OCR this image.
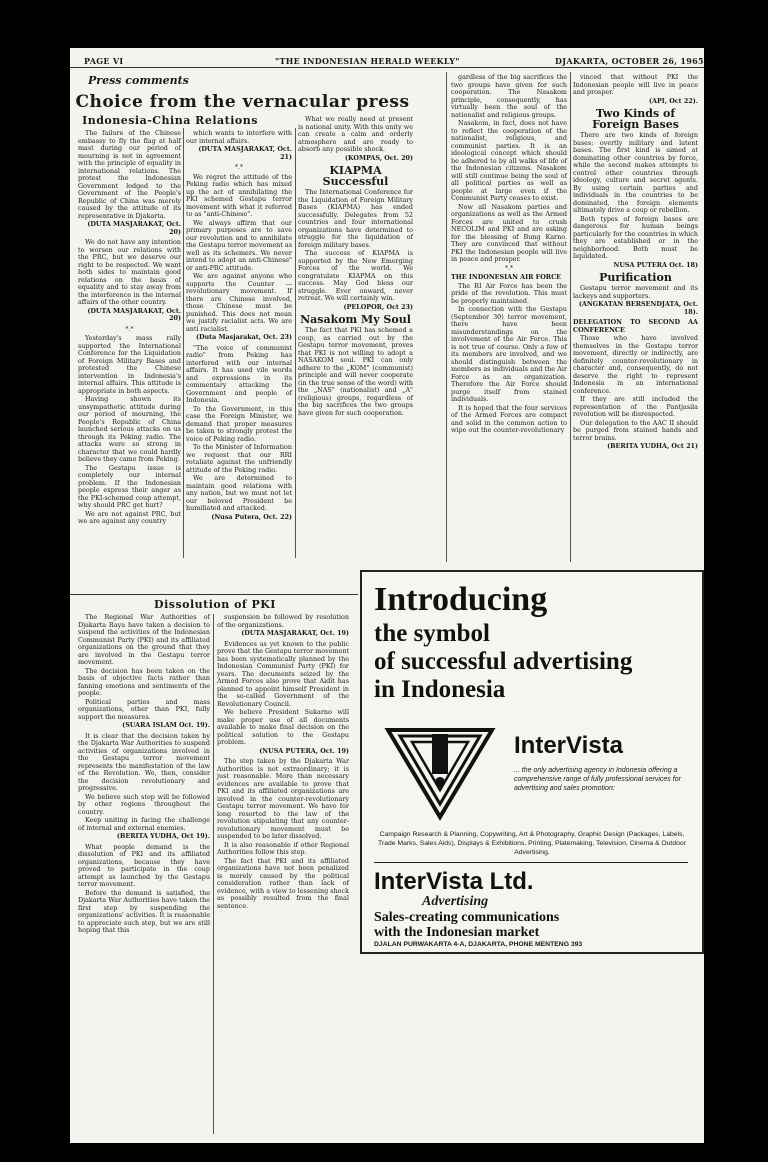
PAGE VI	"THE INDONESIAN HERALD WEEKLY"	DJAKARTA, OCTOBER 26, 1965
Press comments
Choice from the vernacular press
Indonesia-China Relations

The failure of the Chinese embassy to fly the flag at half mast during our period of mourning is not in agreement with the principle of equality in international relations. The protest the Indonesian Government lodged to the Government of the People's Republic of China was merely caused by the attitude of its representative in Djakarta.

(DUTA MASJARAKAT, Oct. 20)

We do not have any intention to worsen our relations with the PRC, but we deserve our right to be respected. We want both sides to maintain good relations on the basis of equality and to stay away from the interference in the internal affairs of the other country.

(DUTA MASJARAKAT, Oct. 20)

*.*

Yesterday's mass rally supported the International Conference for the Liquidation of Foreign Military Bases and protested the Chinese intervention in Indonesia's internal affairs. This attitude is appropriate in both aspects.

Having shown its unsympathetic attitude during our period of mourning, the People's Republic of China launched serious attacks on us through its Peking radio. The attacks were so strong in character that we could hardly believe they came from Peking.

The Gestapu issue is completely our internal problem. If the Indonesian people express their anger as the PKI-schemed coup attempt, why should PRC get hurt?

We are not against PRC, but we are against any country

which wants to interfere with our internal affairs.

(DUTA MASJARAKAT, Oct. 21)

*.*

We regret the attitude of the Peking radio which has mixed up the act of annihilating the PKI schemed Gestapu terror movement with what it referred to as "anti-Chinese".

We always affirm that our primary purposes are to save our revolution and to annihilate the Gestapu terror movement as well as its schemers. We never intend to adopt an anti-Chinese" or anti-PRC attitude.

We are against anyone who supports the Counter — revolutionary movement. If there are Chinese involved, those Chinese must be punished. This does not mean we justify racialist acts. We are anti racialist.

(Duta Masjarakat, Oct. 23)

"The voice of communist radio" from Peking has interfered with our internal affairs. It has used vile words and expressions in its commentary attacking the Government and people of Indonesia.

To the Government, in this case the Foreign Minister, we demand that proper measures be taken to strongly protest the voice of Peking radio.

To the Minister of Information we request that our RRI retaliate against the unfriendly attitude of the Peking radio.

We are determined to maintain good relations with any nation, but we must not let our beloved President be humiliated and attacked.

(Nusa Putera, Oct. 22)

What we really need at present is national unity. With this unity we can create a calm and orderly atmosphere and are ready to absorb any possible shock.

(KOMPAS, Oct. 20)

KIAPMA Successful

The International Conference for the Liquidation of Foreign Military Bases (KIAPMA) has ended successfully. Delegates from 52 countries and four international organizations have determined to struggle for the liquidation of foreign military bases.

The success of KIAPMA is supported by the New Emerging Forces of the world. We congratulate KIAPMA on this success. May God bless our struggle. Ever onward, never retreat. We will certainly win.

(PELOPOR, Oct 23)

Nasakom My Soul

The fact that PKI has schemed a coup, as carried out by the Gestapu terror movement, proves that PKI is not willing to adopt a NASAKOM soul. PKI can only adhere to the „KOM" (communist) principle and will never cooperate (in the true sense of the word) with the „NAS" (nationalist) and „A" (religious) groups, regardless of the big sacrifices the two groups have given for such cooperation.

gardless of the big sacrifices the two groups have given for such cooperation. The Nasakom principle, consequently, has virtually been the soul of the nationalist and religious groups.

Nasakom, in fact, does not have to reflect the cooperation of the nationalist, religious, and communist parties. It is an ideological concept which should be adhered to by all walks of life of the Indonesian citizens. Nasakom will still continue being the soul of all political parties as well as people at large even if the Communist Party ceases to exist.

Now all Nasakom parties and organizations as well as the Armed Forces are united to crush NECOLIM and PKI and are asking for the blessing of Bung Karno. They are convinced that without PKI the Indonesian people will live in peace and prosper.

*.*

THE INDONESIAN AIR FORCE

The RI Air Force has been the pride of the revolution. This must be properly maintained.

In connection with the Gestapu (September 30) terror movement, there have been misunderstandings on the involvement of the Air Force. This is not true of course. Only a few of its members are involved, and we should distinguish between the members as individuals and the Air Force as an organization. Therefore the Air Force should purge itself from stained individuals.

It is hoped that the four services of the Armed Forces are compact and solid in the common action to wipe out the counter-revolutionary

vinced that without PKI the Indonesian people will live in peace and prosper.

(API, Oct 22).

Two Kinds of Foreign Bases

There are two kinds of foreign bases: overtly military and latent bases. The first kind is aimed at dominating other countries by force, while the second makes attempts to control other countries through ideology, culture and secret agents. By using certain parties and individuals in the countries to be dominated, the foreign elements ultimately drive a coup or rebellion.

Both types of foreign bases are dangerous for human beings particularly for the countries in which they are established or in the neighborhood. Both must be liquidated.

NUSA PUTERA Oct. 18)

Purification

Gestapu terror movement and its lackeys and supporters.

(ANGKATAN BERSENDJATA, Oct. 18).

DELEGATION TO SECOND AA CONFERENCE

Those who have involved themselves in the Gestapu terror movement, directly or indirectly, are definitely counter-revolutionary in character and, consequently, do not deserve the right to represent Indonesia in an international conference.

If they are still included the representation of the Pantjasila revolution will be disrespected.

Our delegation to the AAC II should be purged from stained hands and terror brains.

(BERITA YUDHA, Oct 21)

Dissolution of PKI

The Regional War Authorities of Djakarta Raya have taken a decision to suspend the activities of the Indonesian Communist Party (PKI) and its affiliated organizations on the ground that they are involved in the Gestapu terror movement.

The decision has been taken on the basis of objective facts rather than fanning emotions and sentiments of the people.

Political parties and mass organizations, other than PKI, fully support the measures.

(SUARA ISLAM Oct. 19).

It is clear that the decision taken by the Djakarta War Authorities to suspend activities of organizations involved in the Gestapu terror movement represents the manifestation of the law of the Revolution. We, then, consider the decision revolutionary and progressive.

We believe such step will be followed by other regions throughout the country.

Keep uniting in facing the challenge of internal and external enemies.

(BERITA YUDHA, Oct 19).

What people demand is the dissolution of PKI and its affiliated organizations, because they have proved to participate in the coup attempt as launched by the Gestapu terror movement.

Before the demand is satisfied, the Djakarta War Authorities have taken the first step by suspending the organizations' activities. It is reasonable to appreciate such step, but we are still hoping that this

suspension be followed by resolution of the organizations.

(DUTA MASJARAKAT, Oct. 19)

Evidences as yet known to the public prove that the Gestapu terror movement has been systematically planned by the Indonesian Communist Party (PKI) for years. The documents seized by the Armed Forces also prove that Aidit has planned to appoint himself President in the so-called Government of the Revolutionary Council.

We believe President Sukarno will make proper use of all documents available to make final decision on the political solution to the Gestapu problem.

(NUSA PUTERA, Oct. 19)

The step taken by the Djakarta War Authorities is not extraordinary; it is just reasonable. More than necessary evidences are available to prove that PKI and its affiliated organizations are involved in the counter-revolutionary Gestapu terror movement. We have for long resorted to the law of the revolution stipulating that any counter-revolutionary movement must be suspended to be later dissolved.

It is also reasonable if other Regional Authorities follow this step.

The fact that PKI and its affiliated organizations have not been penalized is merely caused by the political consideration rather than lack of evidence, with a view to lessening shock as possibly resulted from the final sentence.

Introducing
the symbol
of successful advertising
in Indonesia
InterVista
... the only advertising agency in Indonesia offering a comprehensive range of fully professional services for advertising and sales promotion:
Campaign Research & Planning, Copywriting, Art & Photography, Graphic Design (Packages, Labels, Trade Marks, Sales Aids), Displays & Exhibitions, Printing, Platemaking, Television, Cinema & Outdoor Advertising.
InterVista Ltd.
Advertising
Sales-creating communications
with the Indonesian market
DJALAN PURWAKARTA 4-A, DJAKARTA, PHONE MENTENG 393
